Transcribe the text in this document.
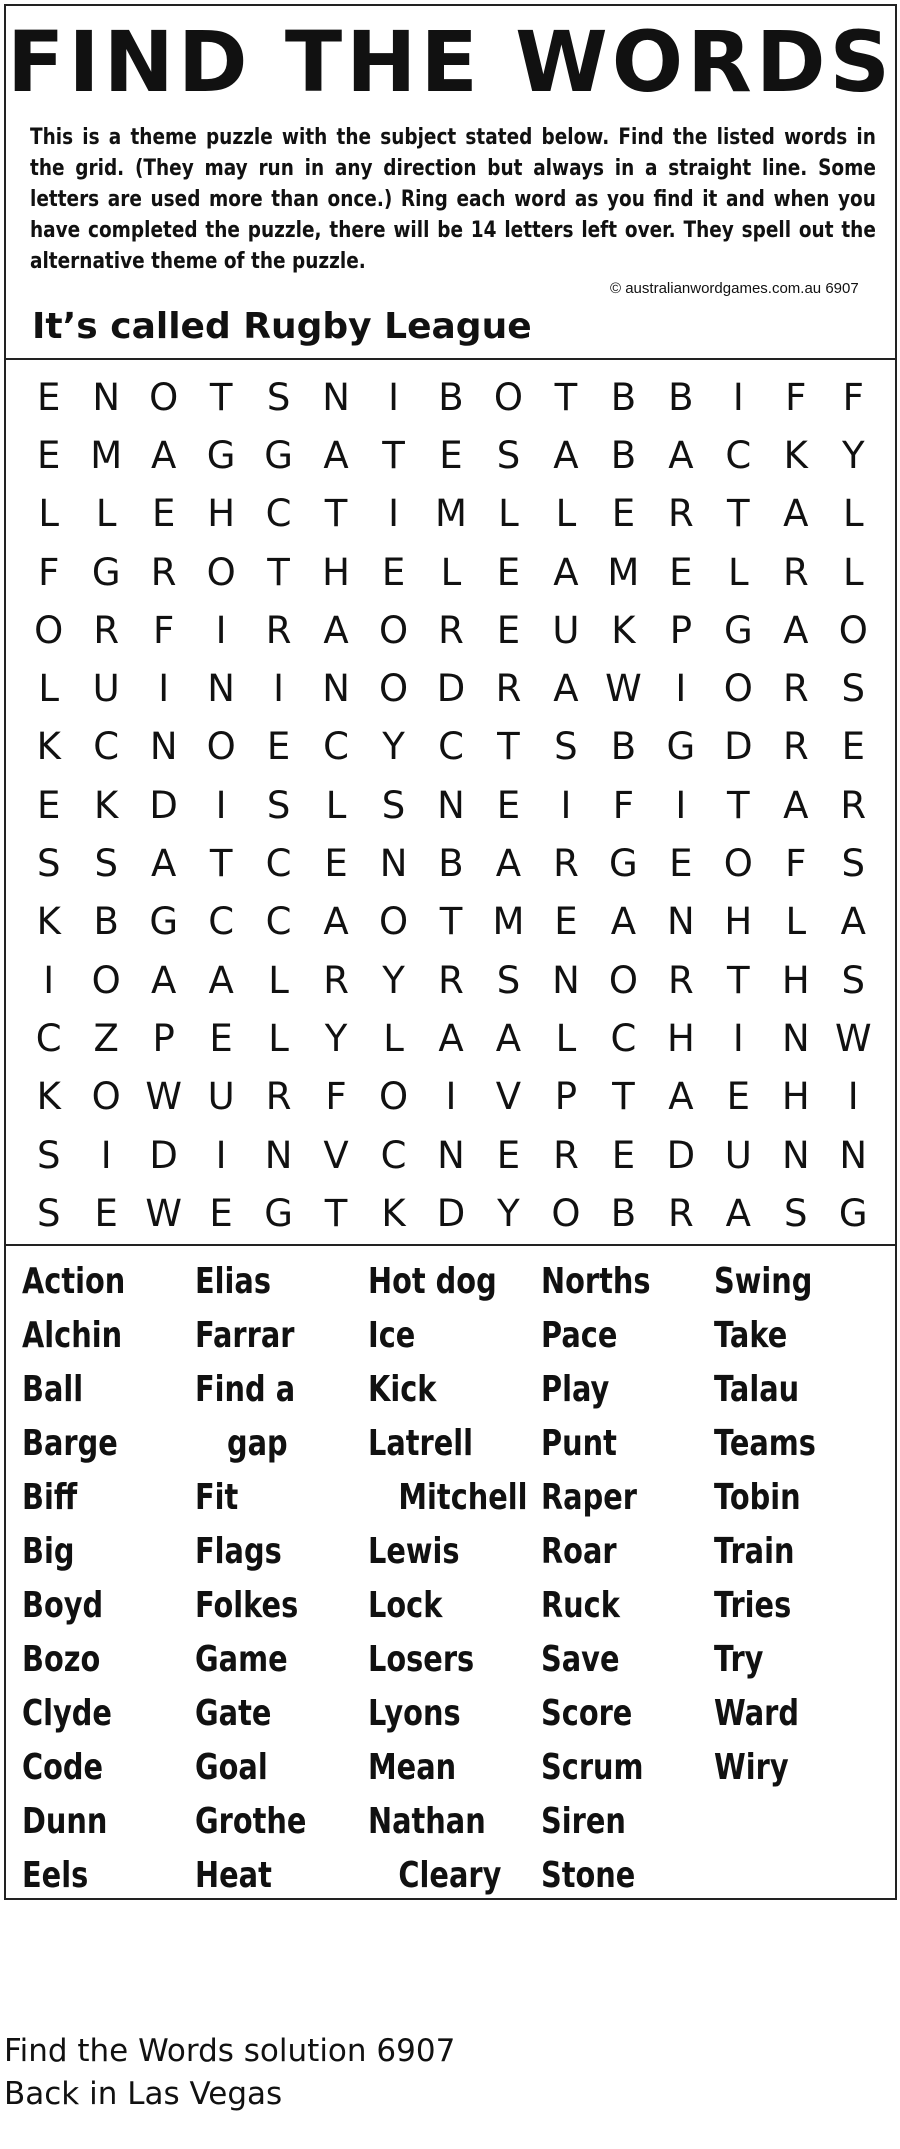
FIND THE WORDS
This is a theme puzzle with the subject stated below. Find the listed words in the grid. (They may run in any direction but always in a straight line. Some letters are used more than once.) Ring each word as you find it and when you have completed the puzzle, there will be 14 letters left over. They spell out the alternative theme of the puzzle.
© australianwordgames.com.au 6907
It’s called Rugby League
E N O T S N	I	B O T B B	I	F F
E M A G G A T E S A B A C K Y
L L E H C T	I M L L E R T A L
F G R O T H E L E A M E L R L
O R F	I	R A O R E U K P G A O
L U	I	N	I	N O D R A W I	O R S
K C N O E C Y C T S B G D R E
E K D	I	S L S N E	I	F	I	T A R
S S A T C E N B A R G E O F S
K B G C C A O T M E A N H L A
I	O A A L R Y R S N O R T H S
C Z P E L Y L A A L C H	I	N W
K O W U R F O	I	V P T A E H	I
S	I	D	I	N V C N E R E D U N N
S E W E G T K D Y O B R A S G
Action	Elias	Hot dog Norths	Swing
Alchin	Farrar	Ice	Pace	Take
Ball	Find a	Kick	Play	Talau
Barge	gap	Latrell	Punt	Teams
Biff	Fit	Mitchell Raper	Tobin
Big	Flags	Lewis	Roar	Train
Boyd	Folkes	Lock	Ruck	Tries
Bozo	Game	Losers	Save	Try
Clyde	Gate	Lyons	Score	Ward
Code	Goal	Mean	Scrum	Wiry
Dunn	Grothe	Nathan	Siren
Eels	Heat	Cleary Stone
Find the Words solution 6907
Back in Las Vegas
